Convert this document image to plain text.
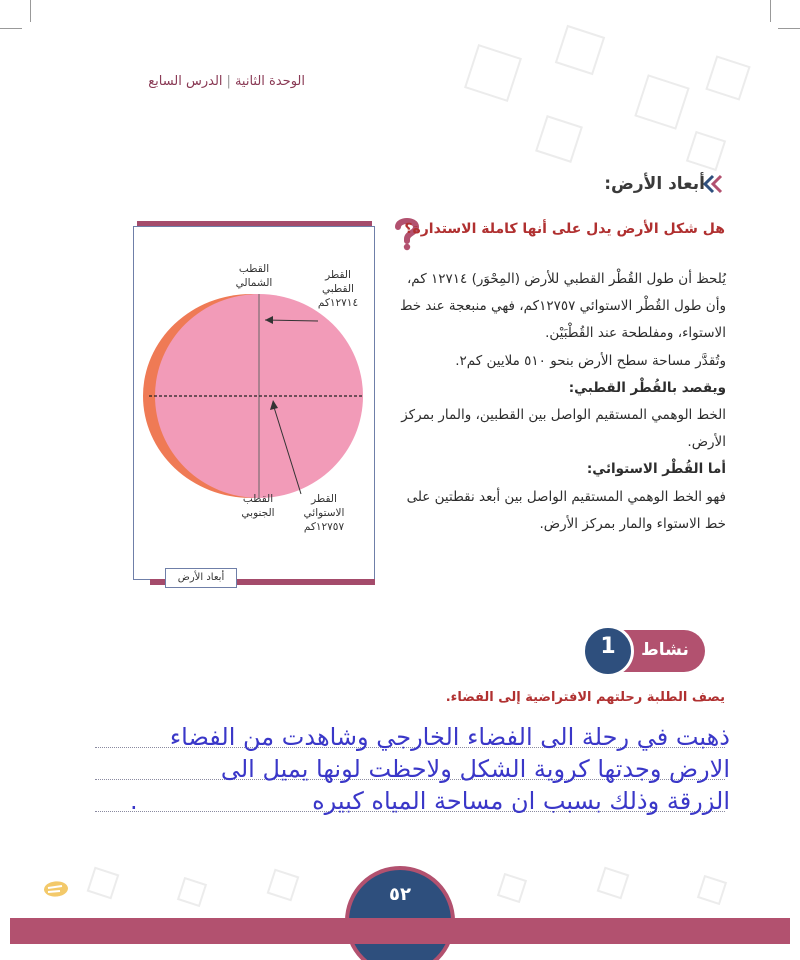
الوحدة الثانية|الدرس السابع
أبعاد الأرض:
هل شكل الأرض يدل على أنها كاملة الاستدارة؟

يُلحظ أن طول القُطْر القطبي للأرض (المِحْوَر) ١٢٧١٤ كم، وأن طول القُطْر الاستوائي ١٢٧٥٧كم، فهي منبعجة عند خط الاستواء، ومفلطحة عند القُطْبَيْن.

وتُقدَّر مساحة سطح الأرض بنحو ٥١٠ ملايين كم٢.

ويقصد بالقُطْر القطبي:

الخط الوهمي المستقيم الواصل بين القطبين، والمار بمركز الأرض.

أما القُطْر الاستوائي:

فهو الخط الوهمي المستقيم الواصل بين أبعد نقطتين على خط الاستواء والمار بمركز الأرض.

القطب الشمالي
القطر القطبي ١٢٧١٤كم
القطب الجنوبي
القطر الاستوائي ١٢٧٥٧كم
أبعاد الأرض
نشاط
1
يصف الطلبة رحلتهم الافتراضية إلى الفضاء.
ذهبت في رحلة الى الفضاء الخارجي وشاهدت من الفضاء
الارض وجدتها كروية الشكل ولاحظت لونها يميل الى
الزرقة وذلك بسبب ان مساحة المياه كبيره
.
٥٢
